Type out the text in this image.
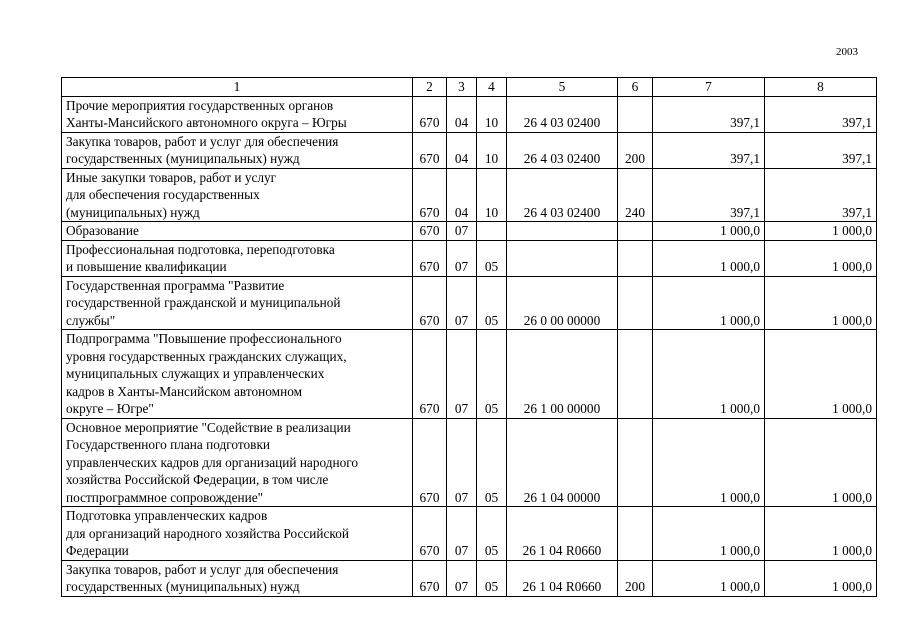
2003
1	2	3	4	5	6	7	8

Прочие мероприятия государственных органов
Ханты-Мансийского автономного округа – Югры	670	04	10	26 4 03 02400		397,1	397,1

Закупка товаров, работ и услуг для обеспечения
государственных (муниципальных) нужд	670	04	10	26 4 03 02400	200	397,1	397,1

Иные закупки товаров, работ и услуг
для обеспечения государственных
(муниципальных) нужд	670	04	10	26 4 03 02400	240	397,1	397,1

Образование	670	07				1 000,0	1 000,0

Профессиональная подготовка, переподготовка
и повышение квалификации	670	07	05			1 000,0	1 000,0

Государственная программа "Развитие
государственной гражданской и муниципальной
службы"	670	07	05	26 0 00 00000		1 000,0	1 000,0

Подпрограмма "Повышение профессионального
уровня государственных гражданских служащих,
муниципальных служащих и управленческих
кадров в Ханты-Мансийском автономном
округе – Югре"	670	07	05	26 1 00 00000		1 000,0	1 000,0

Основное мероприятие "Содействие в реализации
Государственного плана подготовки
управленческих кадров для организаций народного
хозяйства Российской Федерации, в том числе
постпрограммное сопровождение"	670	07	05	26 1 04 00000		1 000,0	1 000,0

Подготовка управленческих кадров
для организаций народного хозяйства Российской
Федерации	670	07	05	26 1 04 R0660		1 000,0	1 000,0

Закупка товаров, работ и услуг для обеспечения
государственных (муниципальных) нужд	670	07	05	26 1 04 R0660	200	1 000,0	1 000,0
